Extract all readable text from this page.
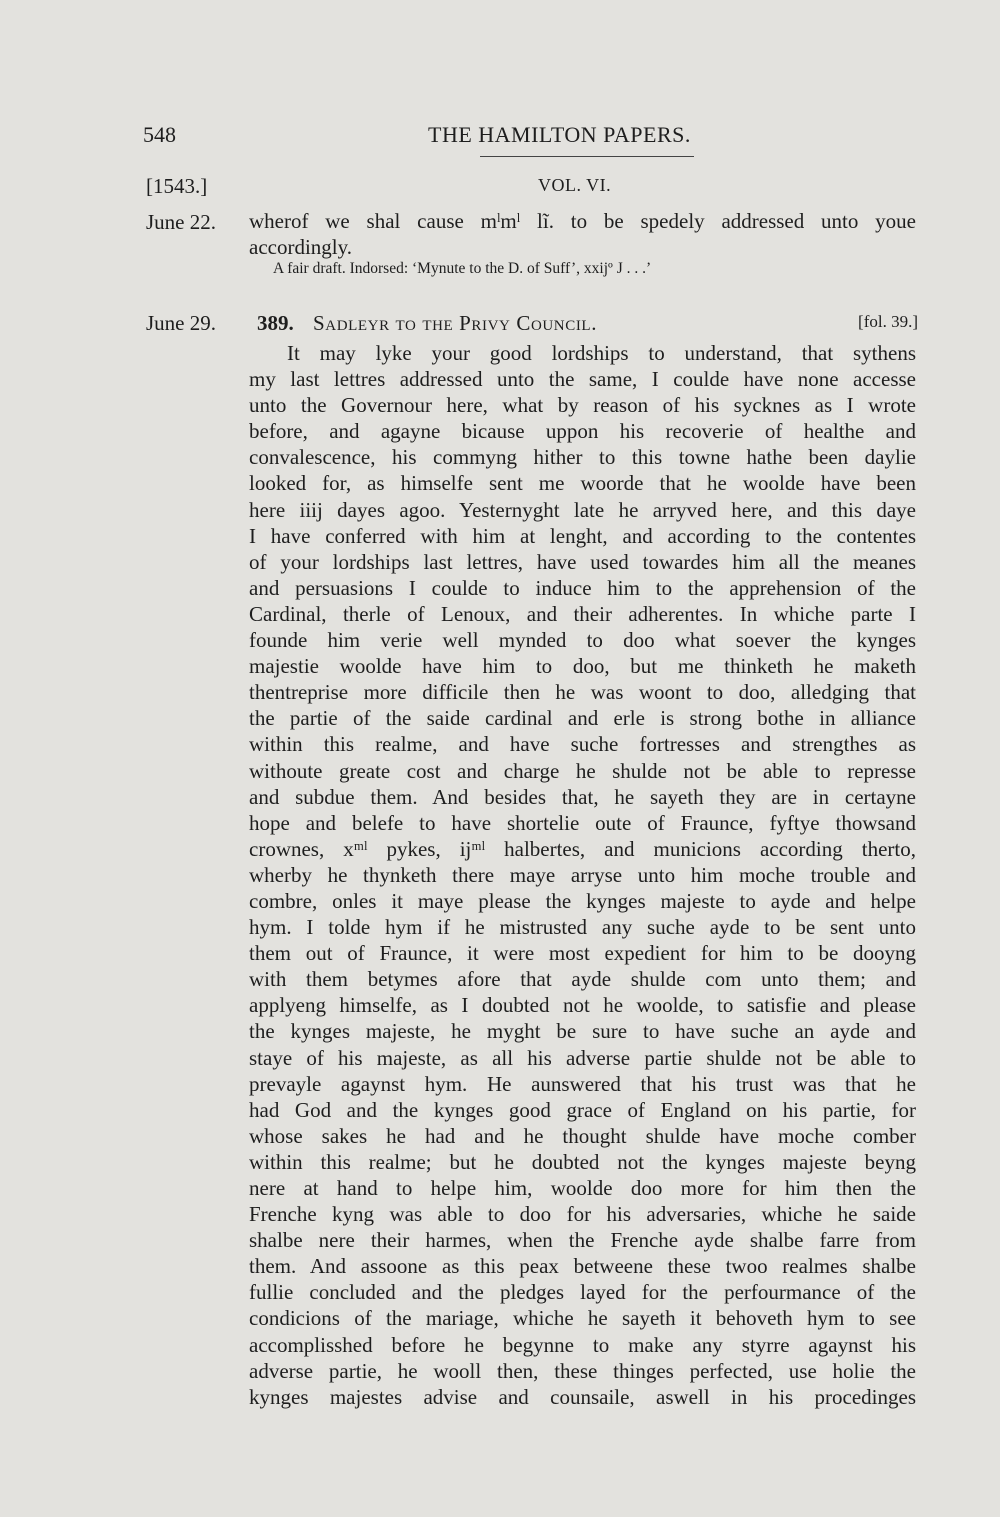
548	THE HAMILTON PAPERS.
[1543.]	VOL. VI.
June 22. wherof we shal cause mˡmˡ lĩ. to be spedely addressed unto youe
accordingly.
A fair draft. Indorsed: ‘Mynute to the D. of Suff’, xxijº J . . .’
June 29. 389. Sadleyr to the Privy Council.	[fol. 39.]
It may lyke your good lordships to understand, that sythens
my last lettres addressed unto the same, I coulde have none accesse
unto the Governour here, what by reason of his sycknes as I wrote
before, and agayne bicause uppon his recoverie of healthe and
convalescence, his commyng hither to this towne hathe been daylie
looked for, as himselfe sent me woorde that he woolde have been
here iiij dayes agoo. Yesternyght late he arryved here, and this daye
I have conferred with him at lenght, and according to the contentes
of your lordships last lettres, have used towardes him all the meanes
and persuasions I coulde to induce him to the apprehension of the
Cardinal, therle of Lenoux, and their adherentes. In whiche parte I
founde him verie well mynded to doo what soever the kynges
majestie woolde have him to doo, but me thinketh he maketh
thentreprise more difficile then he was woont to doo, alledging that
the partie of the saide cardinal and erle is strong bothe in alliance
within this realme, and have suche fortresses and strengthes as
withoute greate cost and charge he shulde not be able to represse
and subdue them. And besides that, he sayeth they are in certayne
hope and belefe to have shortelie oute of Fraunce, fyftye thowsand
crownes, xᵐˡ pykes, ijᵐˡ halbertes, and municions according therto,
wherby he thynketh there maye arryse unto him moche trouble and
combre, onles it maye please the kynges majeste to ayde and helpe
hym. I tolde hym if he mistrusted any suche ayde to be sent unto
them out of Fraunce, it were most expedient for him to be dooyng
with them betymes afore that ayde shulde com unto them; and
applyeng himselfe, as I doubted not he woolde, to satisfie and please
the kynges majeste, he myght be sure to have suche an ayde and
staye of his majeste, as all his adverse partie shulde not be able to
prevayle agaynst hym. He aunswered that his trust was that he
had God and the kynges good grace of England on his partie, for
whose sakes he had and he thought shulde have moche comber
within this realme; but he doubted not the kynges majeste beyng
nere at hand to helpe him, woolde doo more for him then the
Frenche kyng was able to doo for his adversaries, whiche he saide
shalbe nere their harmes, when the Frenche ayde shalbe farre from
them. And assoone as this peax betweene these twoo realmes shalbe
fullie concluded and the pledges layed for the perfourmance of the
condicions of the mariage, whiche he sayeth it behoveth hym to see
accomplisshed before he begynne to make any styrre agaynst his
adverse partie, he wooll then, these thinges perfected, use holie the
kynges majestes advise and counsaile, aswell in his procedinges
